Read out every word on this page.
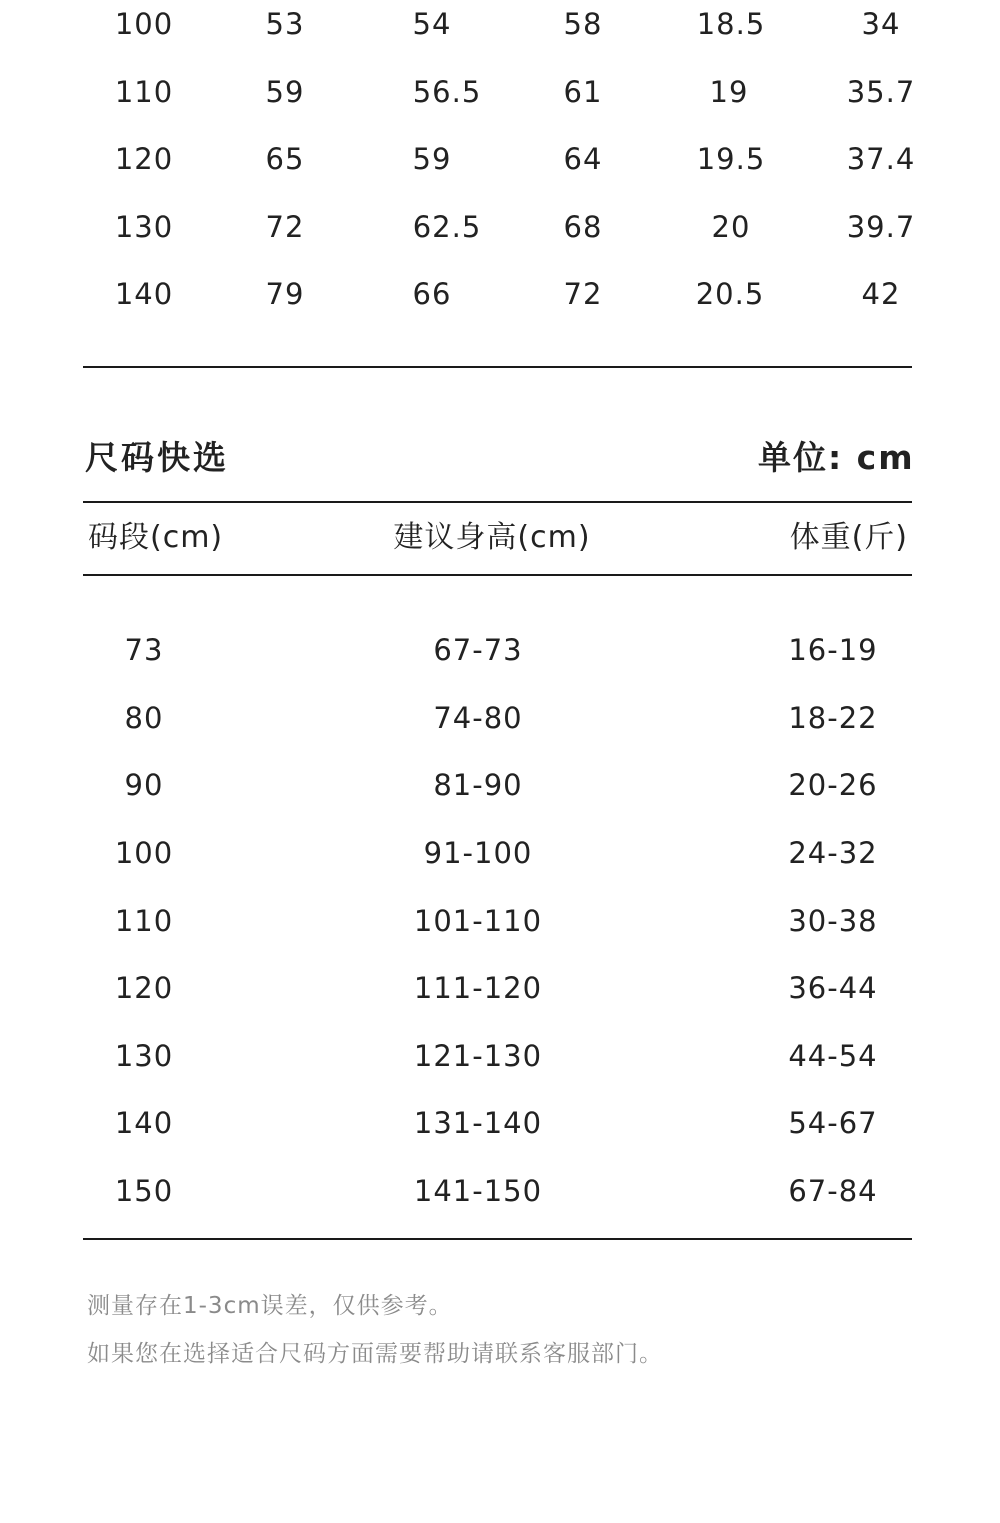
100	53	54	58	18.5	34
110	59	56.5	61	19	35.7
120	65	59	64	19.5	37.4
130	72	62.5	68	20	39.7
140	79	66	72	20.5	42
尺码快选	单位: cm
码段(cm)	建议身高(cm)	体重(斤)
73	67-73	16-19
80	74-80	18-22
90	81-90	20-26
100	91-100	24-32
110	101-110	30-38
120	111-120	36-44
130	121-130	44-54
140	131-140	54-67
150	141-150	67-84
测量存在1-3cm误差，仅供参考。
如果您在选择适合尺码方面需要帮助请联系客服部门。
